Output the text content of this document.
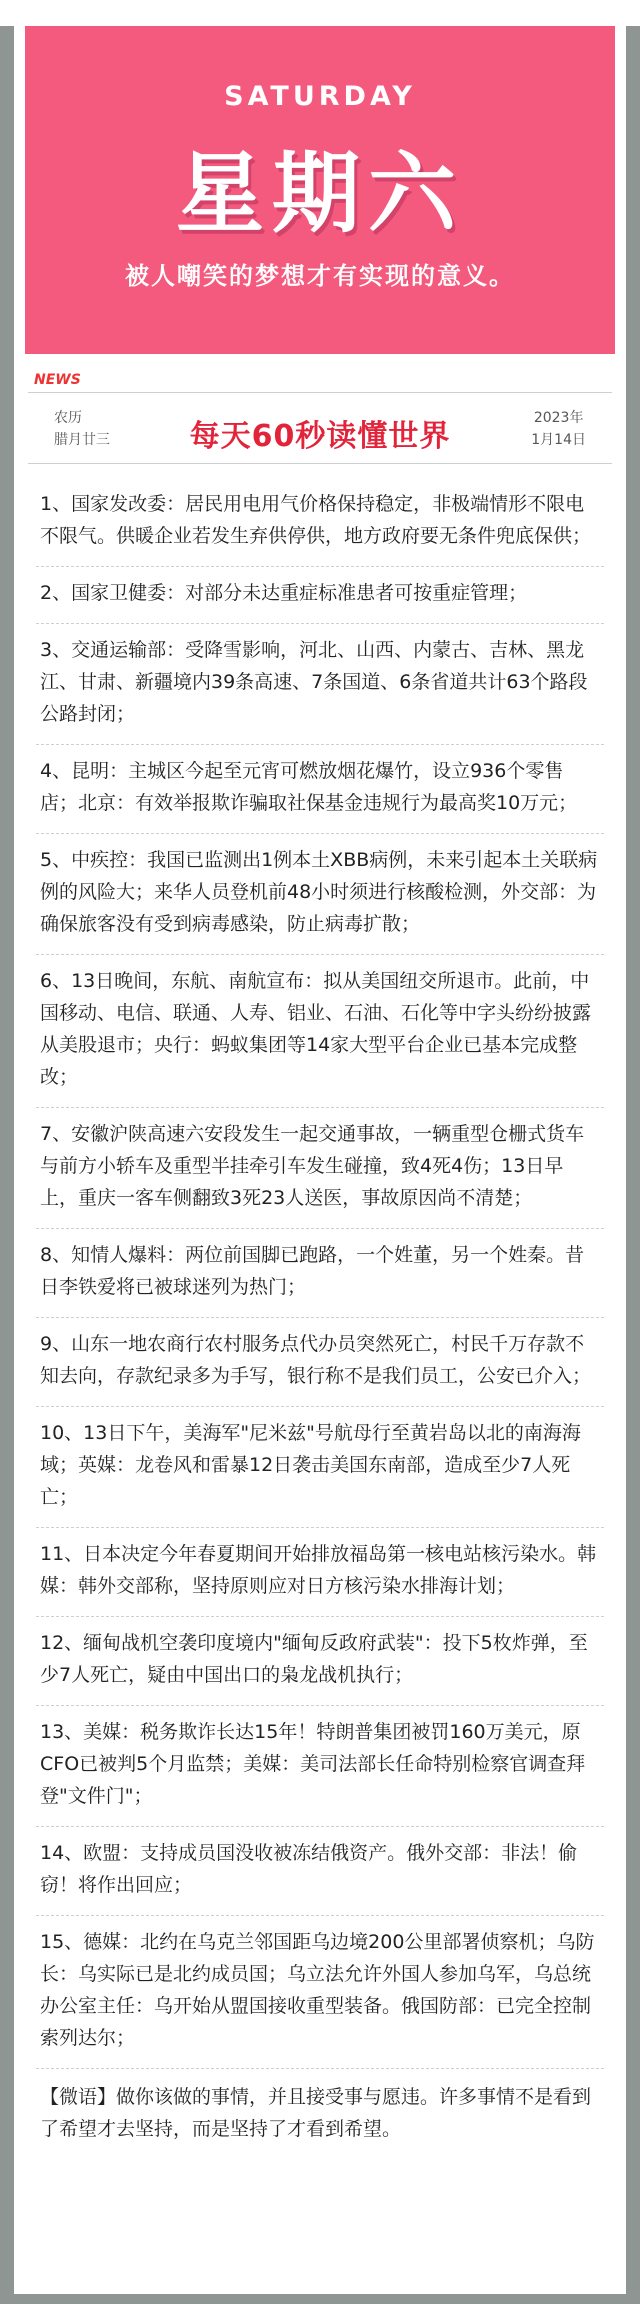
SATURDAY
星期六
被人嘲笑的梦想才有实现的意义。
NEWS
农历
腊月廿三	每天60秒读懂世界
2023年
1月14日
1、国家发改委：居民用电用气价格保持稳定，非极端情形不限电不限气。供暖企业若发生弃供停供，地方政府要无条件兜底保供；
2、国家卫健委：对部分未达重症标准患者可按重症管理；
3、交通运输部：受降雪影响，河北、山西、内蒙古、吉林、黑龙江、甘肃、新疆境内39条高速、7条国道、6条省道共计63个路段公路封闭；
4、昆明：主城区今起至元宵可燃放烟花爆竹，设立936个零售店；北京：有效举报欺诈骗取社保基金违规行为最高奖10万元；
5、中疾控：我国已监测出1例本土XBB病例，未来引起本土关联病例的风险大；来华人员登机前48小时须进行核酸检测，外交部：为确保旅客没有受到病毒感染，防止病毒扩散；
6、13日晚间，东航、南航宣布：拟从美国纽交所退市。此前，中国移动、电信、联通、人寿、铝业、石油、石化等中字头纷纷披露从美股退市；央行：蚂蚁集团等14家大型平台企业已基本完成整改；
7、安徽沪陕高速六安段发生一起交通事故，一辆重型仓栅式货车与前方小轿车及重型半挂牵引车发生碰撞，致4死4伤；13日早上，重庆一客车侧翻致3死23人送医，事故原因尚不清楚；
8、知情人爆料：两位前国脚已跑路，一个姓董，另一个姓秦。昔日李铁爱将已被球迷列为热门；
9、山东一地农商行农村服务点代办员突然死亡，村民千万存款不知去向，存款纪录多为手写，银行称不是我们员工，公安已介入；
10、13日下午，美海军"尼米兹"号航母行至黄岩岛以北的南海海域；英媒：龙卷风和雷暴12日袭击美国东南部，造成至少7人死亡；
11、日本决定今年春夏期间开始排放福岛第一核电站核污染水。韩媒：韩外交部称，坚持原则应对日方核污染水排海计划；
12、缅甸战机空袭印度境内"缅甸反政府武装"：投下5枚炸弹，至少7人死亡，疑由中国出口的枭龙战机执行；
13、美媒：税务欺诈长达15年！特朗普集团被罚160万美元，原CFO已被判5个月监禁；美媒：美司法部长任命特别检察官调查拜登"文件门"；
14、欧盟：支持成员国没收被冻结俄资产。俄外交部：非法！偷窃！将作出回应；
15、德媒：北约在乌克兰邻国距乌边境200公里部署侦察机；乌防长：乌实际已是北约成员国；乌立法允许外国人参加乌军，乌总统办公室主任：乌开始从盟国接收重型装备。俄国防部：已完全控制索列达尔；
【微语】做你该做的事情，并且接受事与愿违。许多事情不是看到了希望才去坚持，而是坚持了才看到希望。
